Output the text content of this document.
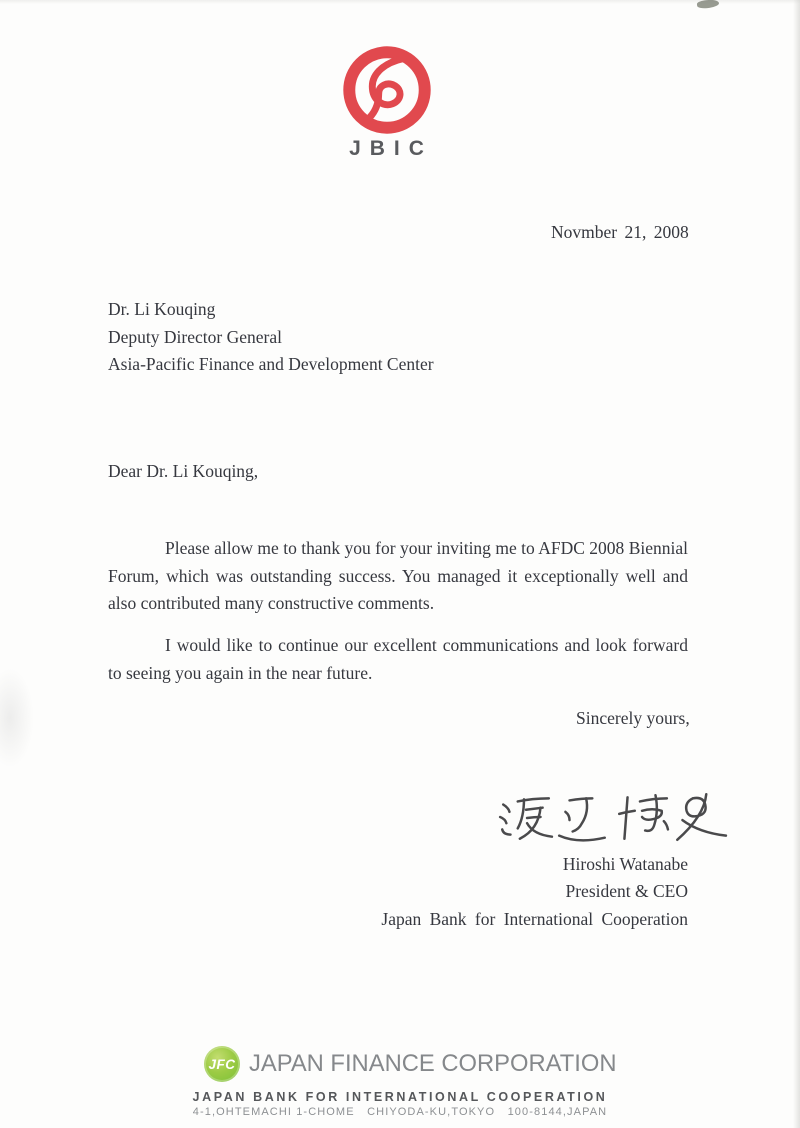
JBIC
Novmber 21, 2008
Dr. Li Kouqing
Deputy Director General
Asia-Pacific Finance and Development Center
Dear Dr. Li Kouqing,
Please allow me to thank you for your inviting me to AFDC 2008 Biennial Forum, which was outstanding success. You managed it exceptionally well and also contributed many constructive comments.
I would like to continue our excellent communications and look forward to seeing you again in the near future.
Sincerely yours,
Hiroshi Watanabe
President & CEO
Japan Bank for International Cooperation
JFC JAPAN FINANCE CORPORATION
JAPAN BANK FOR INTERNATIONAL COOPERATION
4-1,OHTEMACHI 1-CHOME   CHIYODA-KU,TOKYO   100-8144,JAPAN
